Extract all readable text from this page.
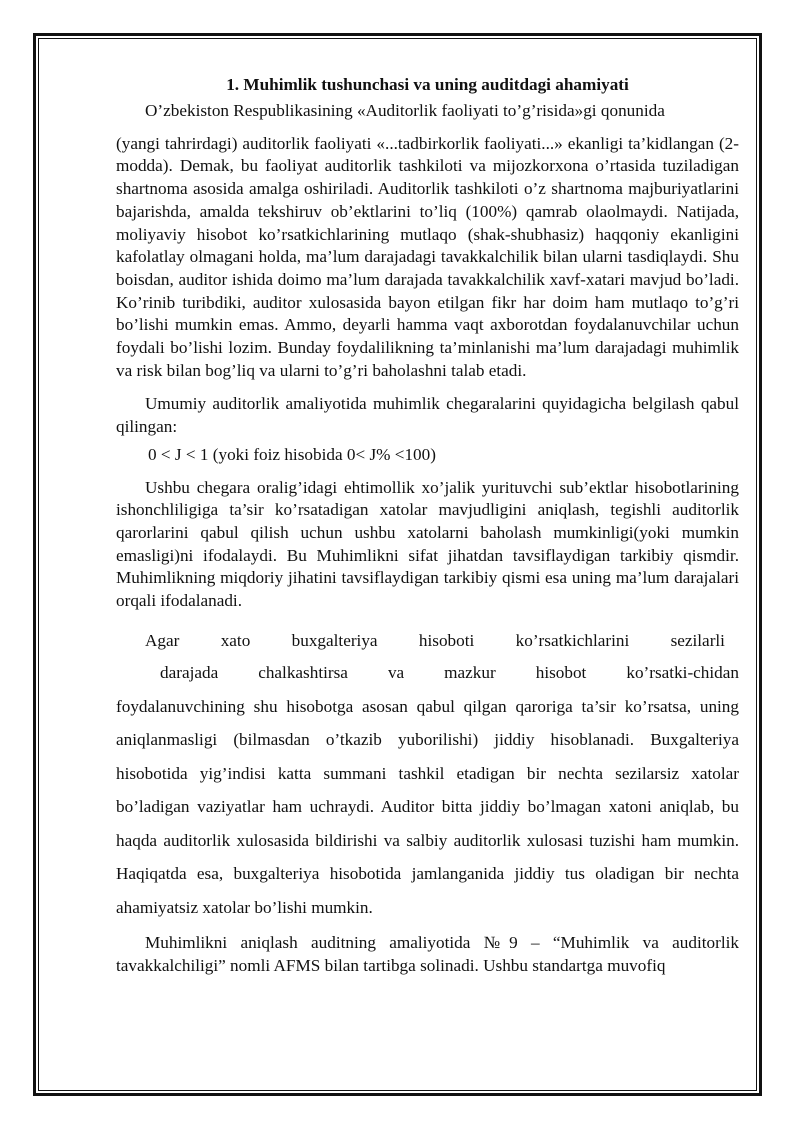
1. Muhimlik tushunchasi va uning auditdagi ahamiyati

O’zbekiston Respublikasining «Auditorlik faoliyati to’g’risida»gi qonunida

(yangi tahrirdagi) auditorlik faoliyati «...tadbirkorlik faoliyati...» ekanligi ta’kidlangan (2-modda). Demak, bu faoliyat auditorlik tashkiloti va mijozkorxona o’rtasida tuziladigan shartnoma asosida amalga oshiriladi. Auditorlik tashkiloti o’z shartnoma majburiyatlarini bajarishda, amalda tekshiruv ob’ektlarini to’liq (100%) qamrab olaolmaydi. Natijada, moliyaviy hisobot ko’rsatkichlarining mutlaqo (shak-shubhasiz) haqqoniy ekanligini kafolatlay olmagani holda, ma’lum darajadagi tavakkalchilik bilan ularni tasdiqlaydi. Shu boisdan, auditor ishida doimo ma’lum darajada tavakkalchilik xavf-xatari mavjud bo’ladi. Ko’rinib turibdiki, auditor xulosasida bayon etilgan fikr har doim ham mutlaqo to’g’ri bo’lishi mumkin emas. Ammo, deyarli hamma vaqt axborotdan foydalanuvchilar uchun foydali bo’lishi lozim. Bunday foydalilikning ta’minlanishi ma’lum darajadagi muhimlik va risk bilan bog’liq va ularni to’g’ri baholashni talab etadi.

Umumiy auditorlik amaliyotida muhimlik chegaralarini quyidagicha belgilash qabul qilingan:

0 < J < 1 (yoki foiz hisobida 0< J% <100)

Ushbu chegara oralig’idagi ehtimollik xo’jalik yurituvchi sub’ektlar hisobotlarining ishonchliligiga ta’sir ko’rsatadigan xatolar mavjudligini aniqlash, tegishli auditorlik qarorlarini qabul qilish uchun ushbu xatolarni baholash mumkinligi(yoki mumkin emasligi)ni ifodalaydi. Bu Muhimlikni sifat jihatdan tavsiflaydigan tarkibiy qismdir. Muhimlikning miqdoriy jihatini tavsiflaydigan tarkibiy qismi esa uning ma’lum darajalari orqali ifodalanadi.

Agar xato buxgalteriya hisoboti ko’rsatkichlarini sezilarli
darajada chalkashtirsa va mazkur hisobot ko’rsatki-chidan

foydalanuvchining shu hisobotga asosan qabul qilgan qaroriga ta’sir ko’rsatsa, uning aniqlanmasligi (bilmasdan o’tkazib yuborilishi) jiddiy hisoblanadi. Buxgalteriya hisobotida yig’indisi katta summani tashkil etadigan bir nechta sezilarsiz xatolar bo’ladigan vaziyatlar ham uchraydi. Auditor bitta jiddiy bo’lmagan xatoni aniqlab, bu haqda auditorlik xulosasida bildirishi va salbiy auditorlik xulosasi tuzishi ham mumkin. Haqiqatda esa, buxgalteriya hisobotida jamlanganida jiddiy tus oladigan bir nechta ahamiyatsiz xatolar bo’lishi mumkin.

Muhimlikni aniqlash auditning amaliyotida №9 – “Muhimlik va auditorlik tavakkalchiligi” nomli AFMS bilan tartibga solinadi. Ushbu standartga muvofiq
